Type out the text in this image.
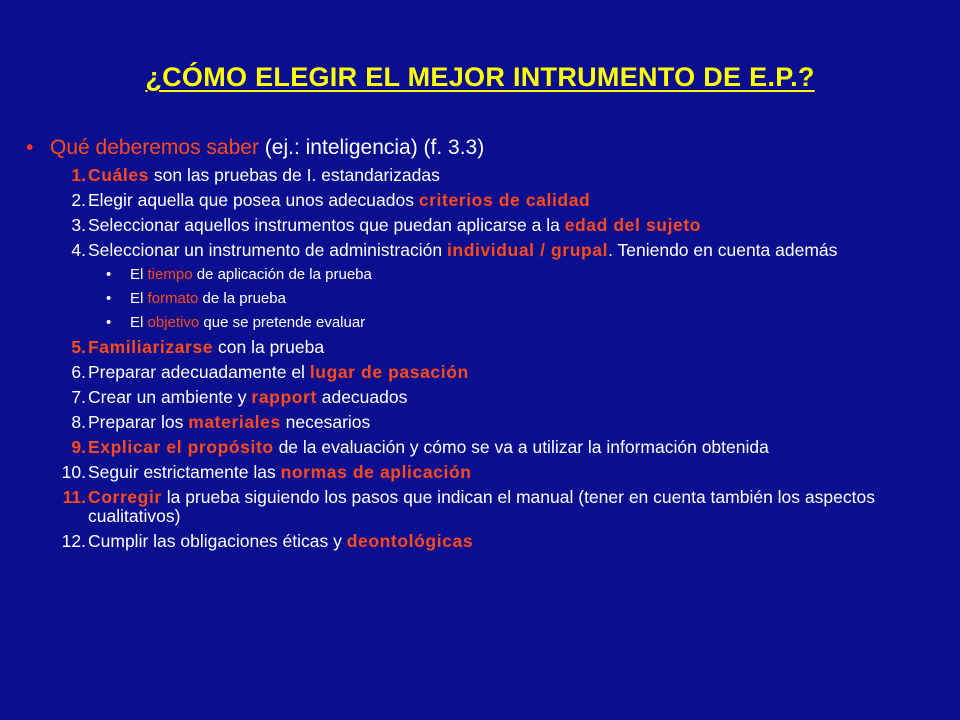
¿CÓMO ELEGIR EL MEJOR INTRUMENTO DE E.P.?
• Qué deberemos saber (ej.: inteligencia) (f. 3.3)
1. Cuáles son las pruebas de I. estandarizadas
2. Elegir aquella que posea unos adecuados criterios de calidad
3. Seleccionar aquellos instrumentos que puedan aplicarse a la edad del sujeto
4. Seleccionar un instrumento de administración individual / grupal. Teniendo en cuenta además
•	El tiempo de aplicación de la prueba
•	El formato de la prueba
•	El objetivo que se pretende evaluar
5. Familiarizarse con la prueba
6. Preparar adecuadamente el lugar de pasación
7. Crear un ambiente y rapport adecuados
8. Preparar los materiales necesarios
9. Explicar el propósito de la evaluación y cómo se va a utilizar la información obtenida
10. Seguir estrictamente las normas de aplicación
11. Corregir la prueba siguiendo los pasos que indican el manual (tener en cuenta también los aspectos cualitativos)
12. Cumplir las obligaciones éticas y deontológicas
